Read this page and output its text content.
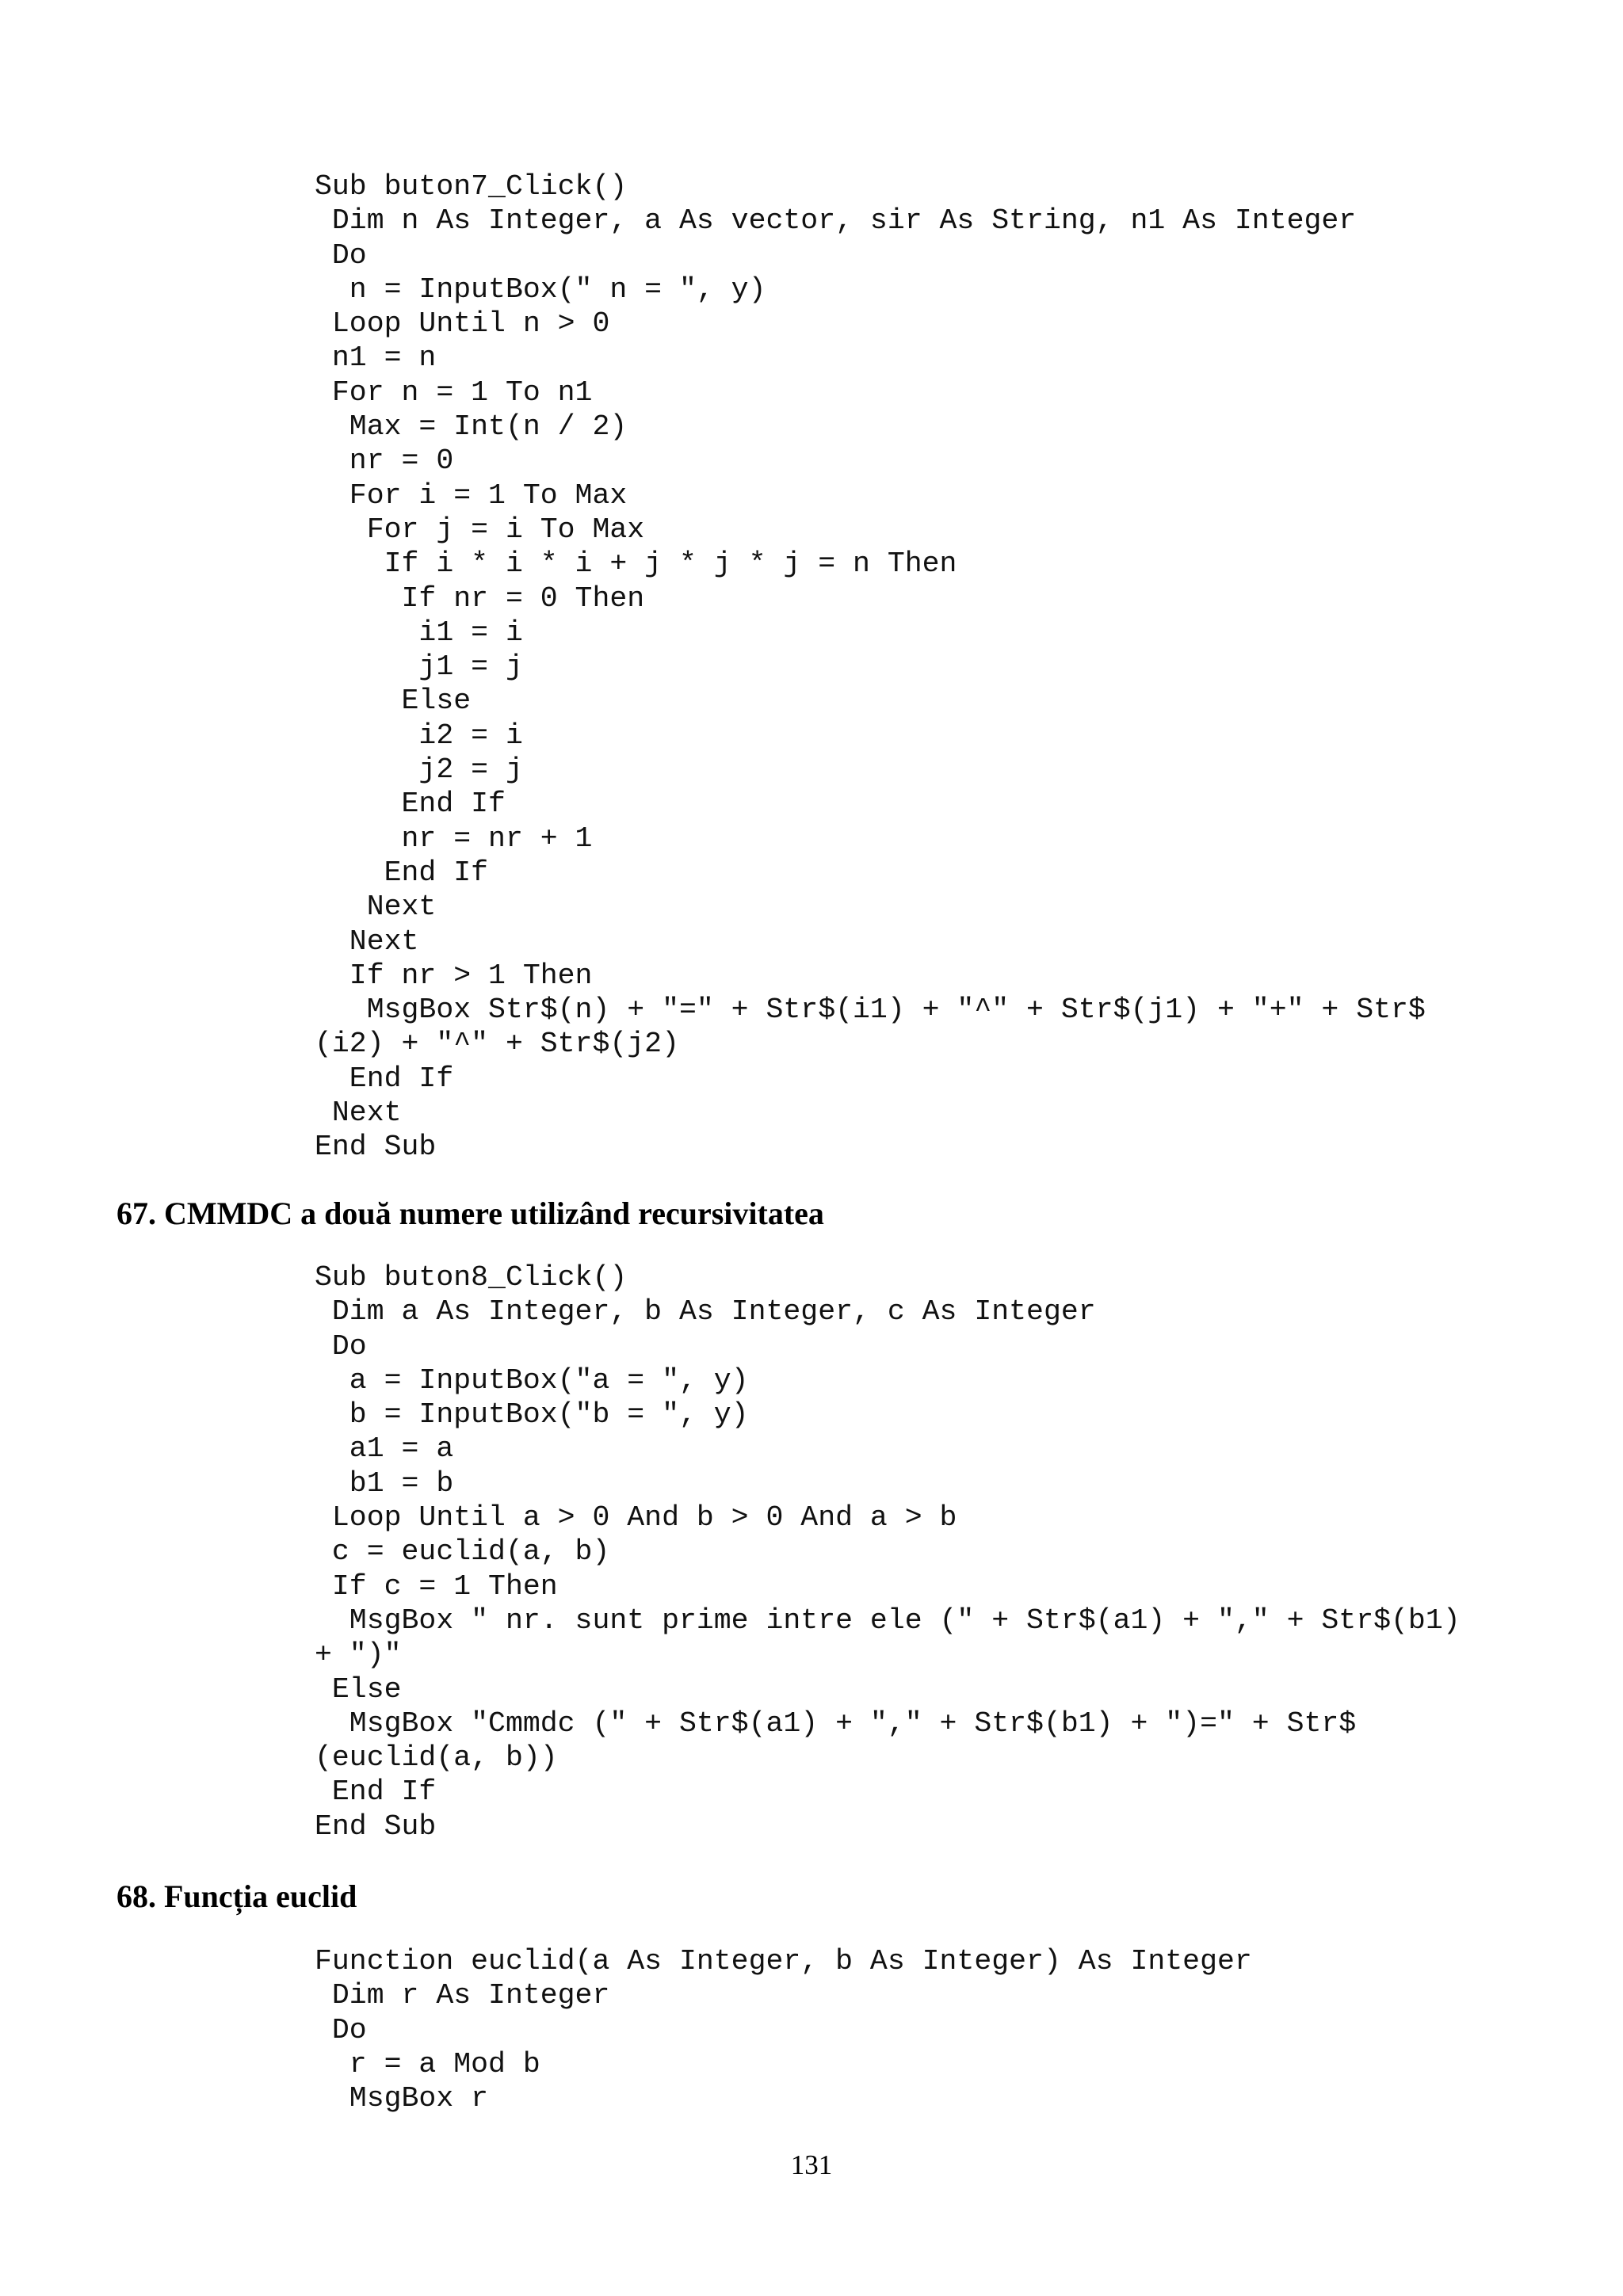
Sub buton7_Click()
Dim n As Integer, a As vector, sir As String, n1 As Integer
Do
n = InputBox(" n = ", y)
Loop Until n > 0
n1 = n
For n = 1 To n1
Max = Int(n / 2)
nr = 0
For i = 1 To Max
For j = i To Max
If i * i * i + j * j * j = n Then
If nr = 0 Then
i1 = i
j1 = j
Else
i2 = i
j2 = j
End If
nr = nr + 1
End If
Next
Next
If nr > 1 Then
MsgBox Str$(n) + "=" + Str$(i1) + "^" + Str$(j1) + "+" + Str$
(i2) + "^" + Str$(j2)
End If
Next
End Sub
67. CMMDC a două numere utilizând recursivitatea
Sub buton8_Click()
Dim a As Integer, b As Integer, c As Integer
Do
a = InputBox("a = ", y)
b = InputBox("b = ", y)
a1 = a
b1 = b
Loop Until a > 0 And b > 0 And a > b
c = euclid(a, b)
If c = 1 Then
MsgBox " nr. sunt prime intre ele (" + Str$(a1) + "," + Str$(b1)
+ ")"
Else
MsgBox "Cmmdc (" + Str$(a1) + "," + Str$(b1) + ")=" + Str$
(euclid(a, b))
End If
End Sub
68. Funcția euclid
Function euclid(a As Integer, b As Integer) As Integer
Dim r As Integer
Do
r = a Mod b
MsgBox r
131
